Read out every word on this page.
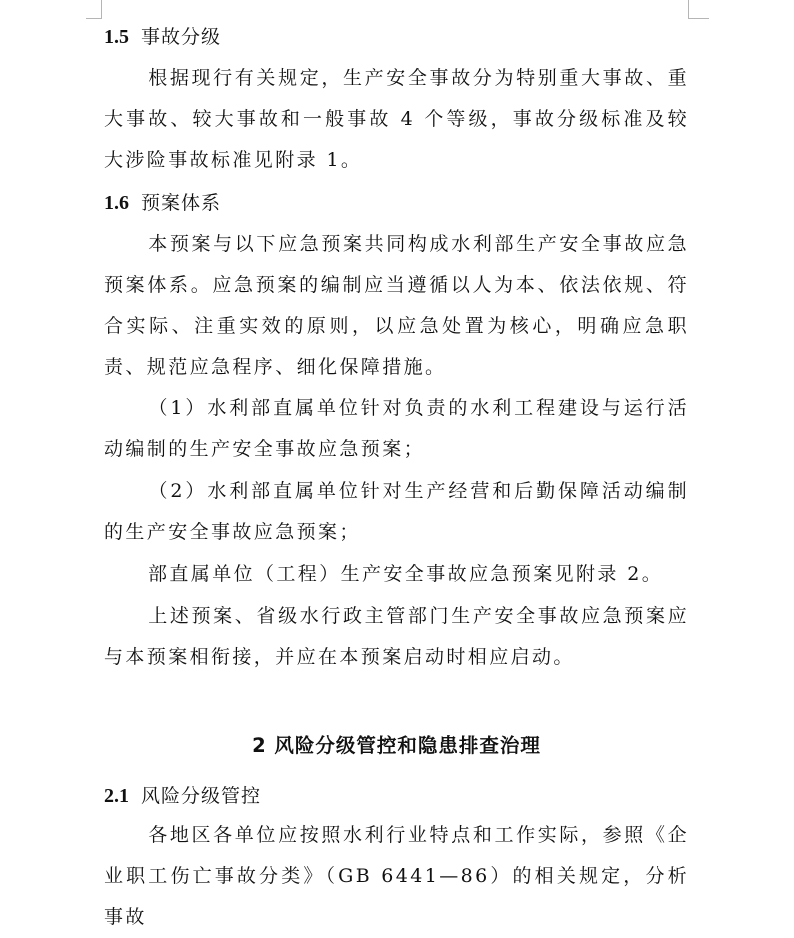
1.5 事故分级

根据现行有关规定，生产安全事故分为特别重大事故、重大事故、较大事故和一般事故 4 个等级，事故分级标准及较大涉险事故标准见附录 1。

1.6 预案体系

本预案与以下应急预案共同构成水利部生产安全事故应急预案体系。应急预案的编制应当遵循以人为本、依法依规、符合实际、注重实效的原则，以应急处置为核心，明确应急职责、规范应急程序、细化保障措施。

（1）水利部直属单位针对负责的水利工程建设与运行活动编制的生产安全事故应急预案；

（2）水利部直属单位针对生产经营和后勤保障活动编制的生产安全事故应急预案；

部直属单位（工程）生产安全事故应急预案见附录 2。

上述预案、省级水行政主管部门生产安全事故应急预案应与本预案相衔接，并应在本预案启动时相应启动。

2 风险分级管控和隐患排查治理
2.1 风险分级管控

各地区各单位应按照水利行业特点和工作实际，参照《企业职工伤亡事故分类》（GB 6441—86）的相关规定，分析事故
